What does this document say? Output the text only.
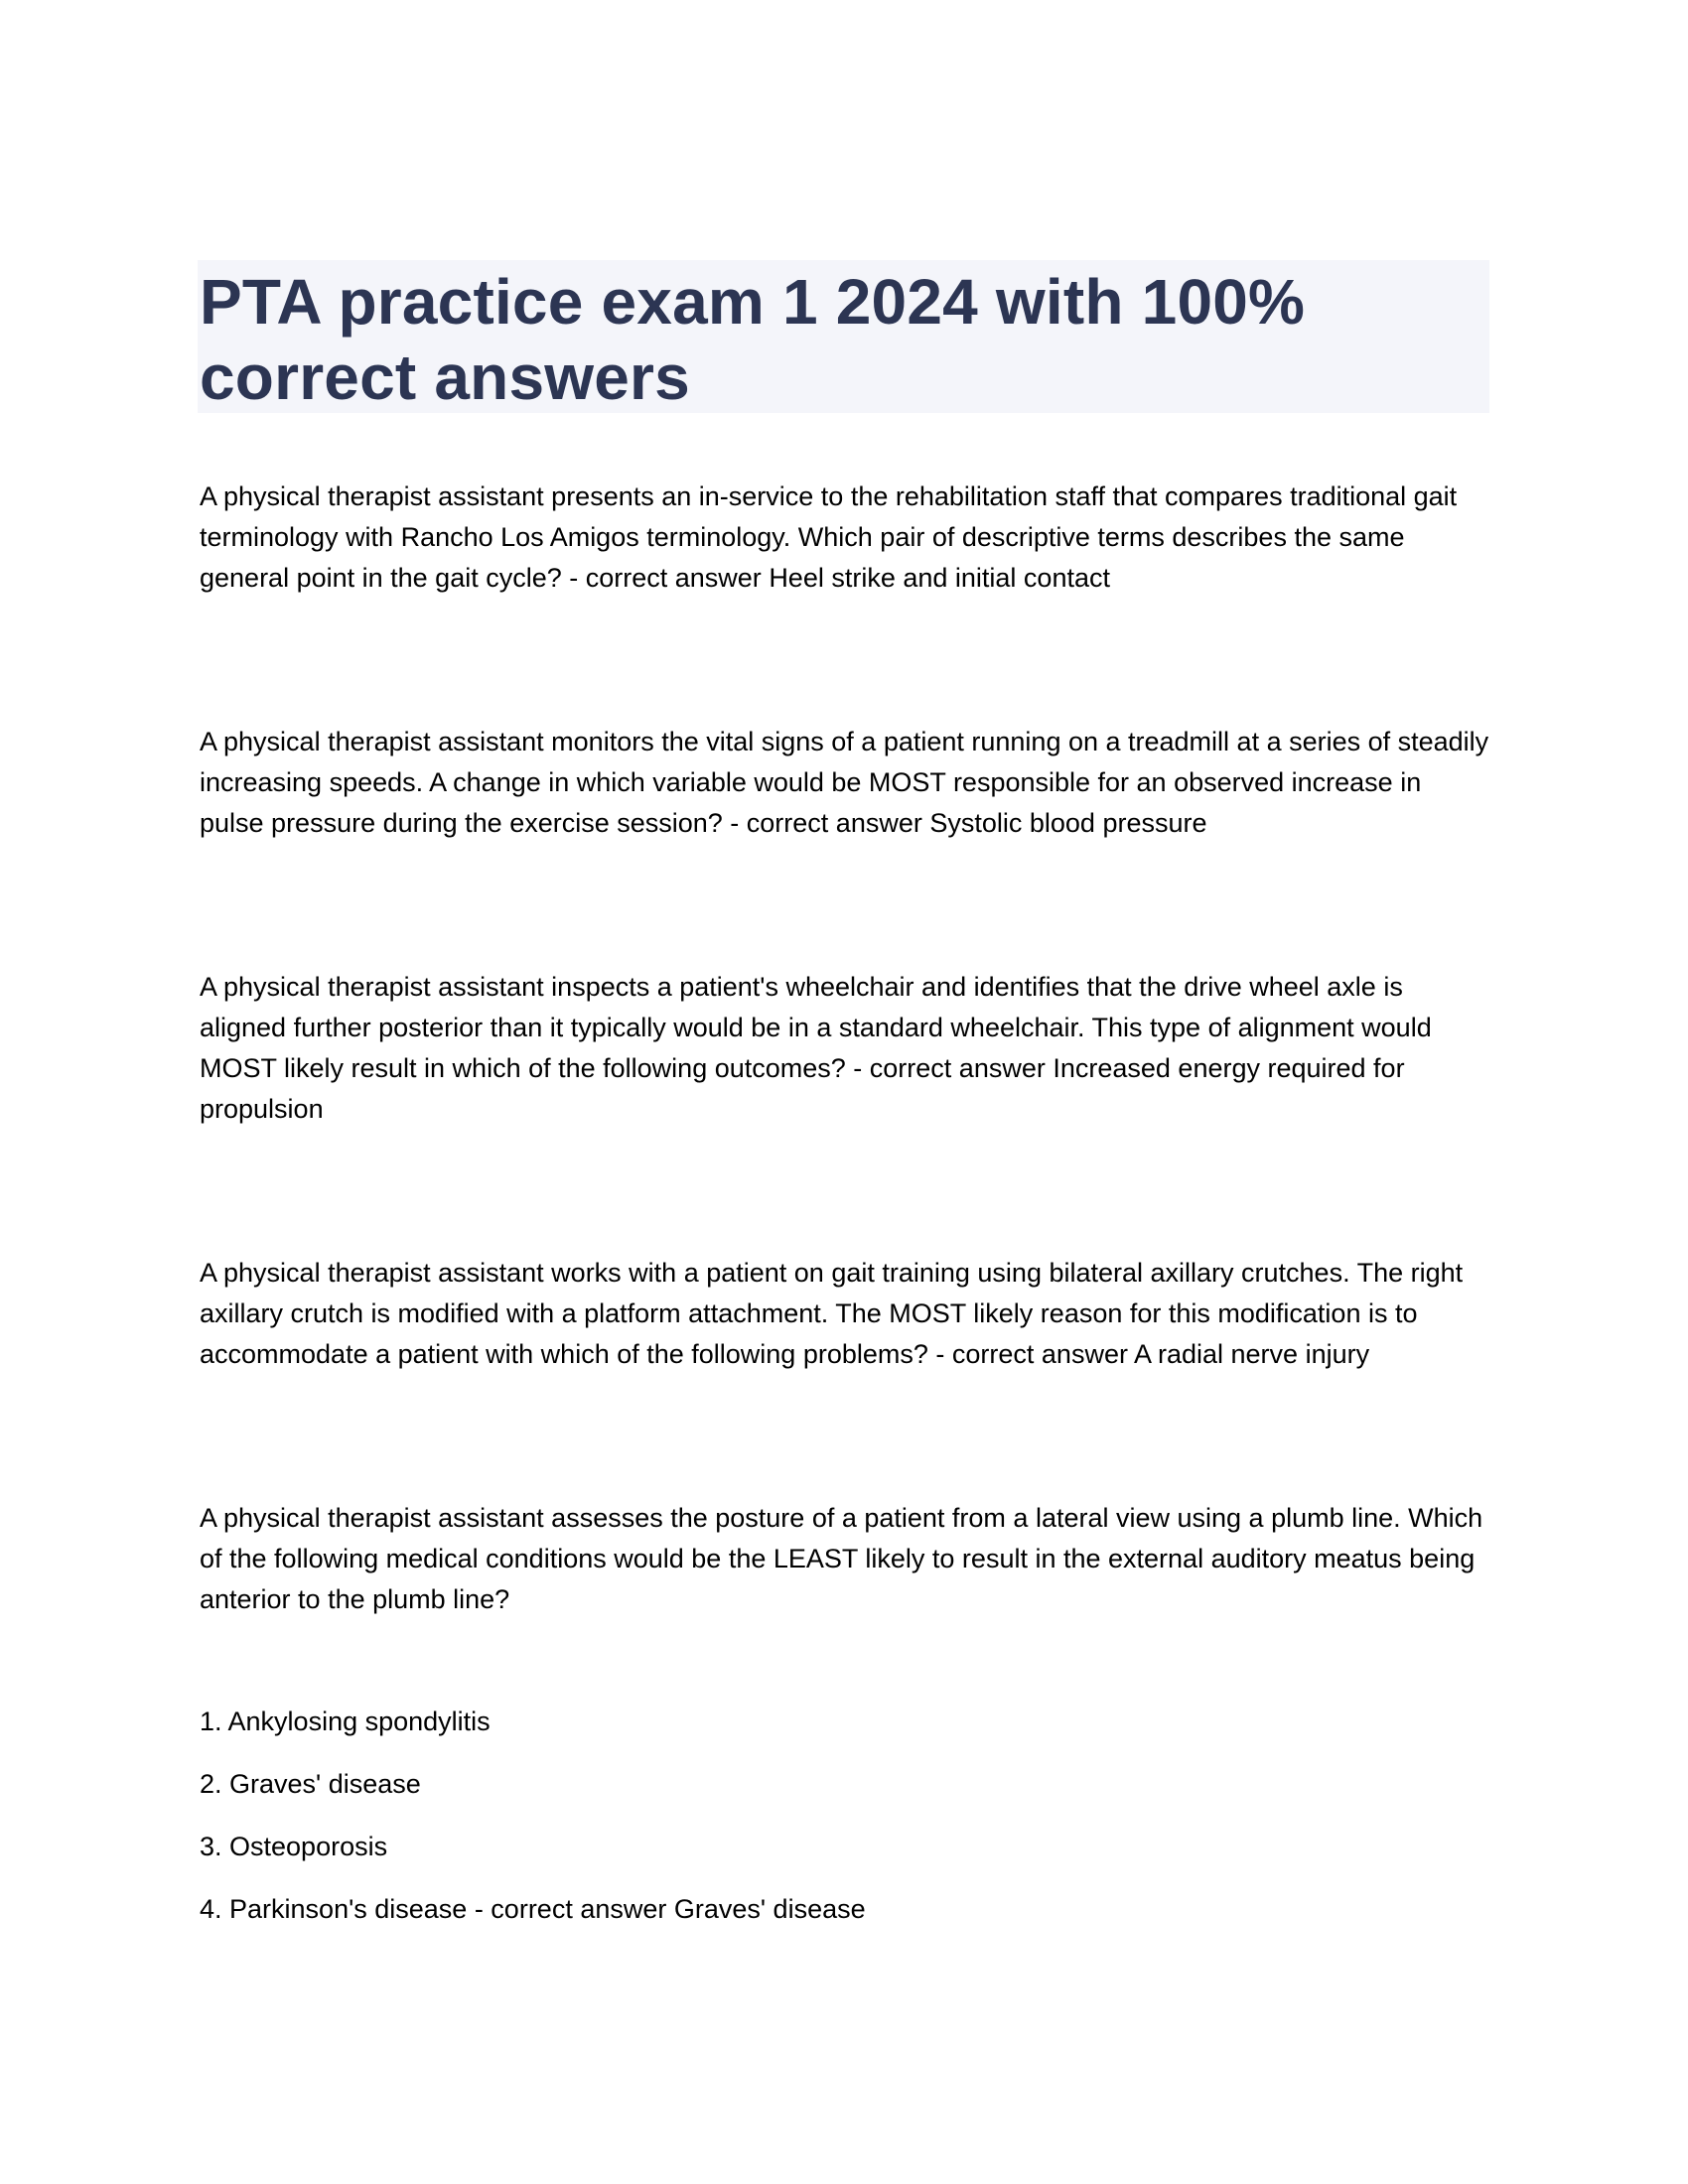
PTA practice exam 1 2024 with 100% correct answers

A physical therapist assistant presents an in-service to the rehabilitation staff that compares traditional gait terminology with Rancho Los Amigos terminology. Which pair of descriptive terms describes the same general point in the gait cycle? - correct answer Heel strike and initial contact

A physical therapist assistant monitors the vital signs of a patient running on a treadmill at a series of steadily increasing speeds. A change in which variable would be MOST responsible for an observed increase in pulse pressure during the exercise session? - correct answer Systolic blood pressure

A physical therapist assistant inspects a patient's wheelchair and identifies that the drive wheel axle is aligned further posterior than it typically would be in a standard wheelchair. This type of alignment would MOST likely result in which of the following outcomes? - correct answer Increased energy required for propulsion

A physical therapist assistant works with a patient on gait training using bilateral axillary crutches. The right axillary crutch is modified with a platform attachment. The MOST likely reason for this modification is to accommodate a patient with which of the following problems? - correct answer A radial nerve injury

A physical therapist assistant assesses the posture of a patient from a lateral view using a plumb line. Which of the following medical conditions would be the LEAST likely to result in the external auditory meatus being anterior to the plumb line?

1. Ankylosing spondylitis
2. Graves' disease
3. Osteoporosis
4. Parkinson's disease - correct answer Graves' disease
